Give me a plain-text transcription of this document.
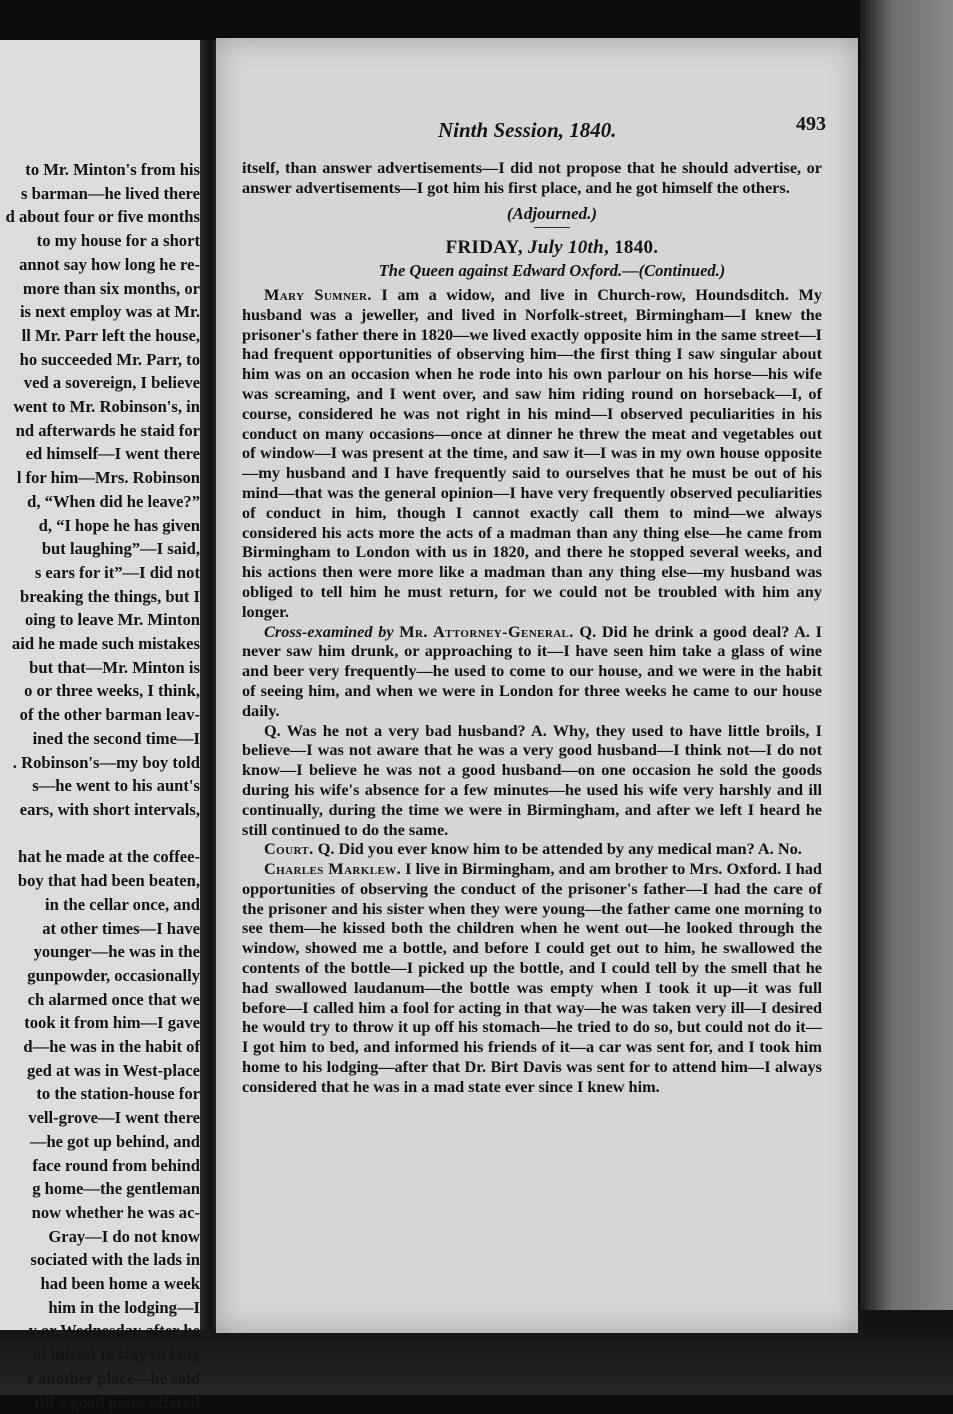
to Mr. Minton's from his
s barman—he lived there
d about four or five months
to my house for a short
annot say how long he re-
more than six months, or
is next employ was at Mr.
ll Mr. Parr left the house,
ho succeeded Mr. Parr, to
ved a sovereign, I believe
went to Mr. Robinson's, in
nd afterwards he staid for
ed himself—I went there
l for him—Mrs. Robinson
d, “When did he leave?”
d, “I hope he has given
but laughing”—I said,
s ears for it”—I did not
breaking the things, but I
oing to leave Mr. Minton
aid he made such mistakes
but that—Mr. Minton is
o or three weeks, I think,
of the other barman leav-
ined the second time—I
. Robinson's—my boy told
s—he went to his aunt's
ears, with short intervals,

hat he made at the coffee-
boy that had been beaten,
in the cellar once, and
at other times—I have
younger—he was in the
gunpowder, occasionally
ch alarmed once that we
took it from him—I gave
d—he was in the habit of
ged at was in West-place
to the station-house for
vell-grove—I went there
—he got up behind, and
face round from behind
g home—the gentleman
now whether he was ac-
Gray—I do not know
sociated with the lads in
had been home a week
him in the lodging—I
y or Wednesday after he
ot intend to stay so long
r another place—he said
till a good place offered
Ninth Session, 1840.	493

itself, than answer advertisements—I did not propose that he should advertise, or answer advertisements—I got him his first place, and he got himself the others.

(Adjourned.)
FRIDAY, July 10th, 1840.
The Queen against Edward Oxford.—(Continued.)

Mary Sumner. I am a widow, and live in Church-row, Houndsditch. My husband was a jeweller, and lived in Norfolk-street, Birmingham—I knew the prisoner's father there in 1820—we lived exactly opposite him in the same street—I had frequent opportunities of observing him—the first thing I saw singular about him was on an occasion when he rode into his own parlour on his horse—his wife was screaming, and I went over, and saw him riding round on horseback—I, of course, considered he was not right in his mind—I observed peculiarities in his conduct on many occasions—once at dinner he threw the meat and vegetables out of window—I was present at the time, and saw it—I was in my own house opposite—my husband and I have frequently said to ourselves that he must be out of his mind—that was the general opinion—I have very frequently observed peculiarities of conduct in him, though I cannot exactly call them to mind—we always considered his acts more the acts of a madman than any thing else—he came from Birmingham to London with us in 1820, and there he stopped several weeks, and his actions then were more like a madman than any thing else—my husband was obliged to tell him he must return, for we could not be troubled with him any longer.

Cross-examined by Mr. Attorney-General. Q. Did he drink a good deal? A. I never saw him drunk, or approaching to it—I have seen him take a glass of wine and beer very frequently—he used to come to our house, and we were in the habit of seeing him, and when we were in London for three weeks he came to our house daily.

Q. Was he not a very bad husband? A. Why, they used to have little broils, I believe—I was not aware that he was a very good husband—I think not—I do not know—I believe he was not a good husband—on one occasion he sold the goods during his wife's absence for a few minutes—he used his wife very harshly and ill continually, during the time we were in Birmingham, and after we left I heard he still continued to do the same.

Court. Q. Did you ever know him to be attended by any medical man? A. No.

Charles Marklew. I live in Birmingham, and am brother to Mrs. Oxford. I had opportunities of observing the conduct of the prisoner's father—I had the care of the prisoner and his sister when they were young—the father came one morning to see them—he kissed both the children when he went out—he looked through the window, showed me a bottle, and before I could get out to him, he swallowed the contents of the bottle—I picked up the bottle, and I could tell by the smell that he had swallowed laudanum—the bottle was empty when I took it up—it was full before—I called him a fool for acting in that way—he was taken very ill—I desired he would try to throw it up off his stomach—he tried to do so, but could not do it—I got him to bed, and informed his friends of it—a car was sent for, and I took him home to his lodging—after that Dr. Birt Davis was sent for to attend him—I always considered that he was in a mad state ever since I knew him.
